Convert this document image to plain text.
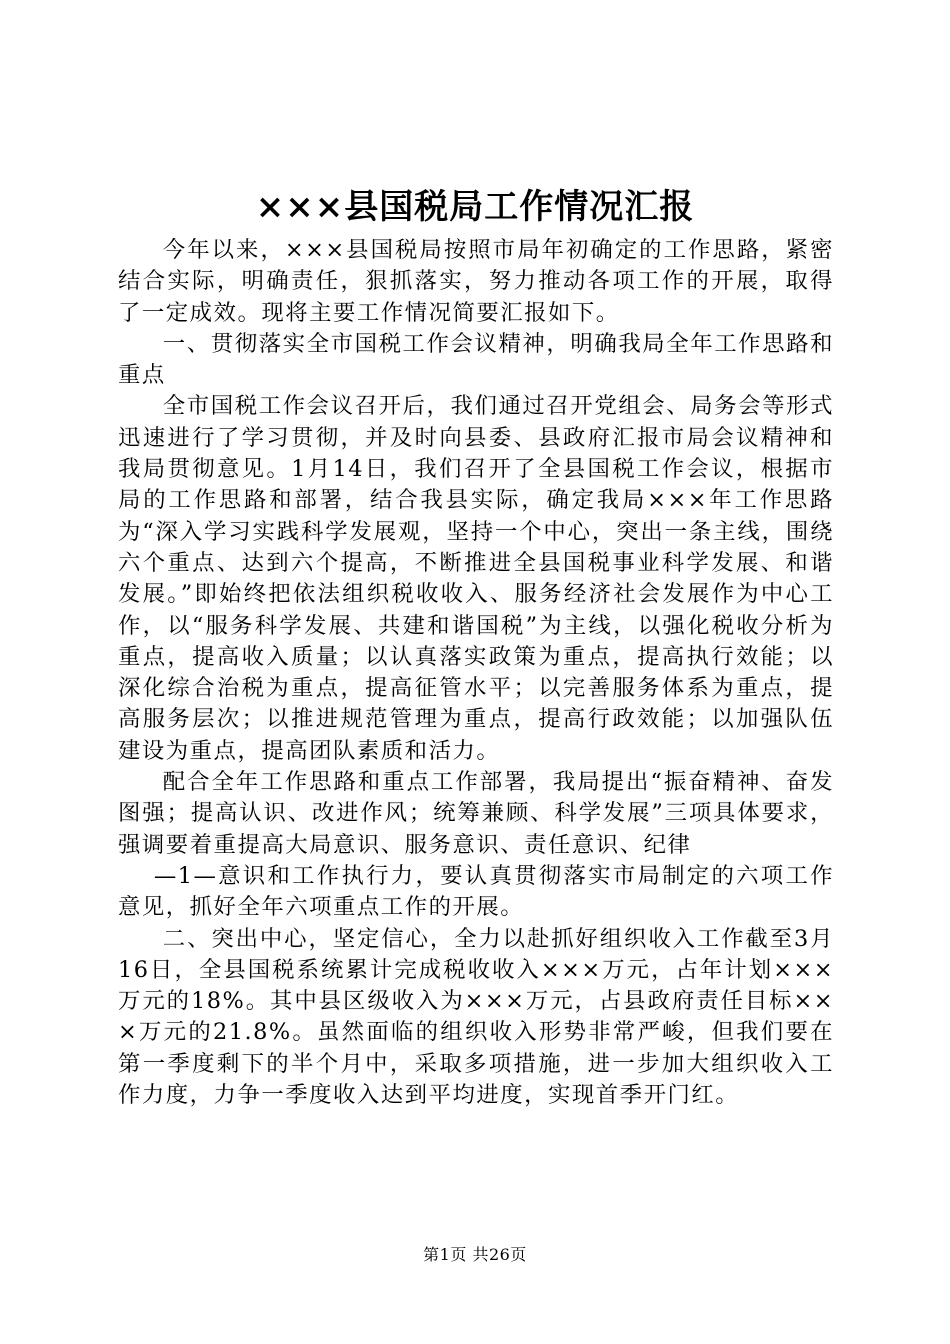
×××县国税局工作情况汇报

今年以来，×××县国税局按照市局年初确定的工作思路，紧密结合实际，明确责任，狠抓落实，努力推动各项工作的开展，取得了一定成效。现将主要工作情况简要汇报如下。

一、贯彻落实全市国税工作会议精神，明确我局全年工作思路和重点

全市国税工作会议召开后，我们通过召开党组会、局务会等形式迅速进行了学习贯彻，并及时向县委、县政府汇报市局会议精神和我局贯彻意见。1月14日，我们召开了全县国税工作会议，根据市局的工作思路和部署，结合我县实际，确定我局×××年工作思路为“深入学习实践科学发展观，坚持一个中心，突出一条主线，围绕六个重点、达到六个提高，不断推进全县国税事业科学发展、和谐发展。”即始终把依法组织税收收入、服务经济社会发展作为中心工作，以“服务科学发展、共建和谐国税”为主线，以强化税收分析为重点，提高收入质量；以认真落实政策为重点，提高执行效能；以深化综合治税为重点，提高征管水平；以完善服务体系为重点，提高服务层次；以推进规范管理为重点，提高行政效能；以加强队伍建设为重点，提高团队素质和活力。

配合全年工作思路和重点工作部署，我局提出“振奋精神、奋发图强；提高认识、改进作风；统筹兼顾、科学发展”三项具体要求，强调要着重提高大局意识、服务意识、责任意识、纪律

—1—意识和工作执行力，要认真贯彻落实市局制定的六项工作意见，抓好全年六项重点工作的开展。

二、突出中心，坚定信心，全力以赴抓好组织收入工作截至3月16日，全县国税系统累计完成税收收入×××万元，占年计划×××万元的18%。其中县区级收入为×××万元，占县政府责任目标×××万元的21.8%。虽然面临的组织收入形势非常严峻，但我们要在第一季度剩下的半个月中，采取多项措施，进一步加大组织收入工作力度，力争一季度收入达到平均进度，实现首季开门红。

第1页 共26页
